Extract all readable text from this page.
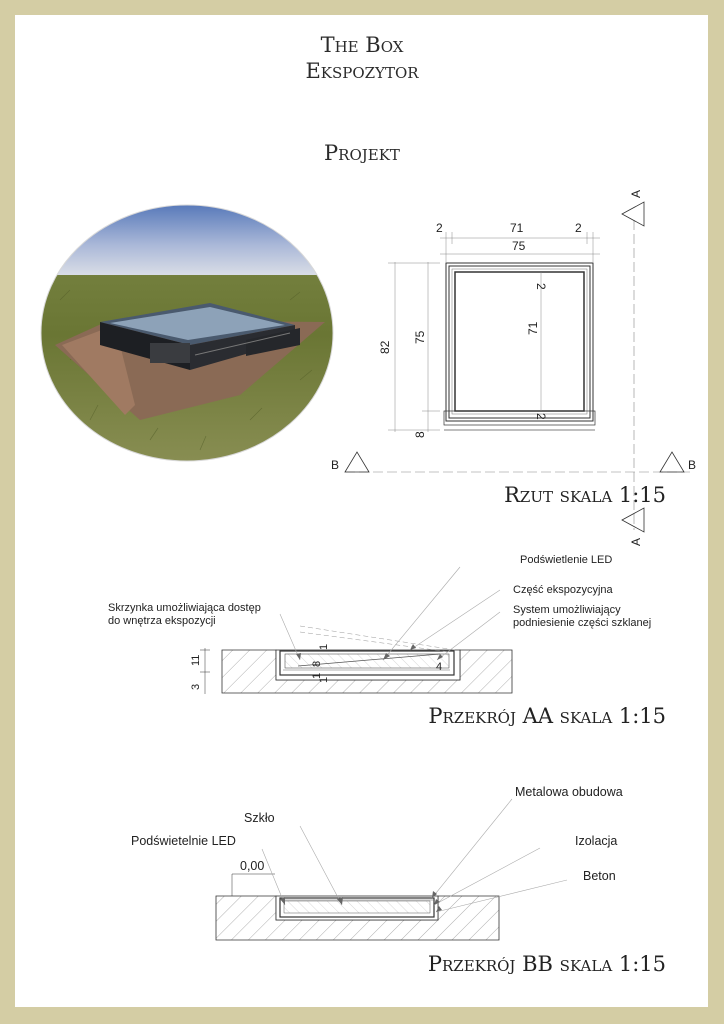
The Box
Ekspozytor
Projekt
2	71	2
75
82
75
8
2
71
2
B	B
A
A
Podświetlenie LED
Część ekspozycyjna
System umożliwiający
podniesienie części szklanej
Skrzynka umożliwiająca dostęp
do wnętrza ekspozycji
11
3
1
8
1
1
4
Metalowa obudowa
Szkło
Izolacja
Podświetelnie LED
Beton
0,00
Rzut skala 1:15
Przekrój AA skala 1:15
Przekrój BB skala 1:15
